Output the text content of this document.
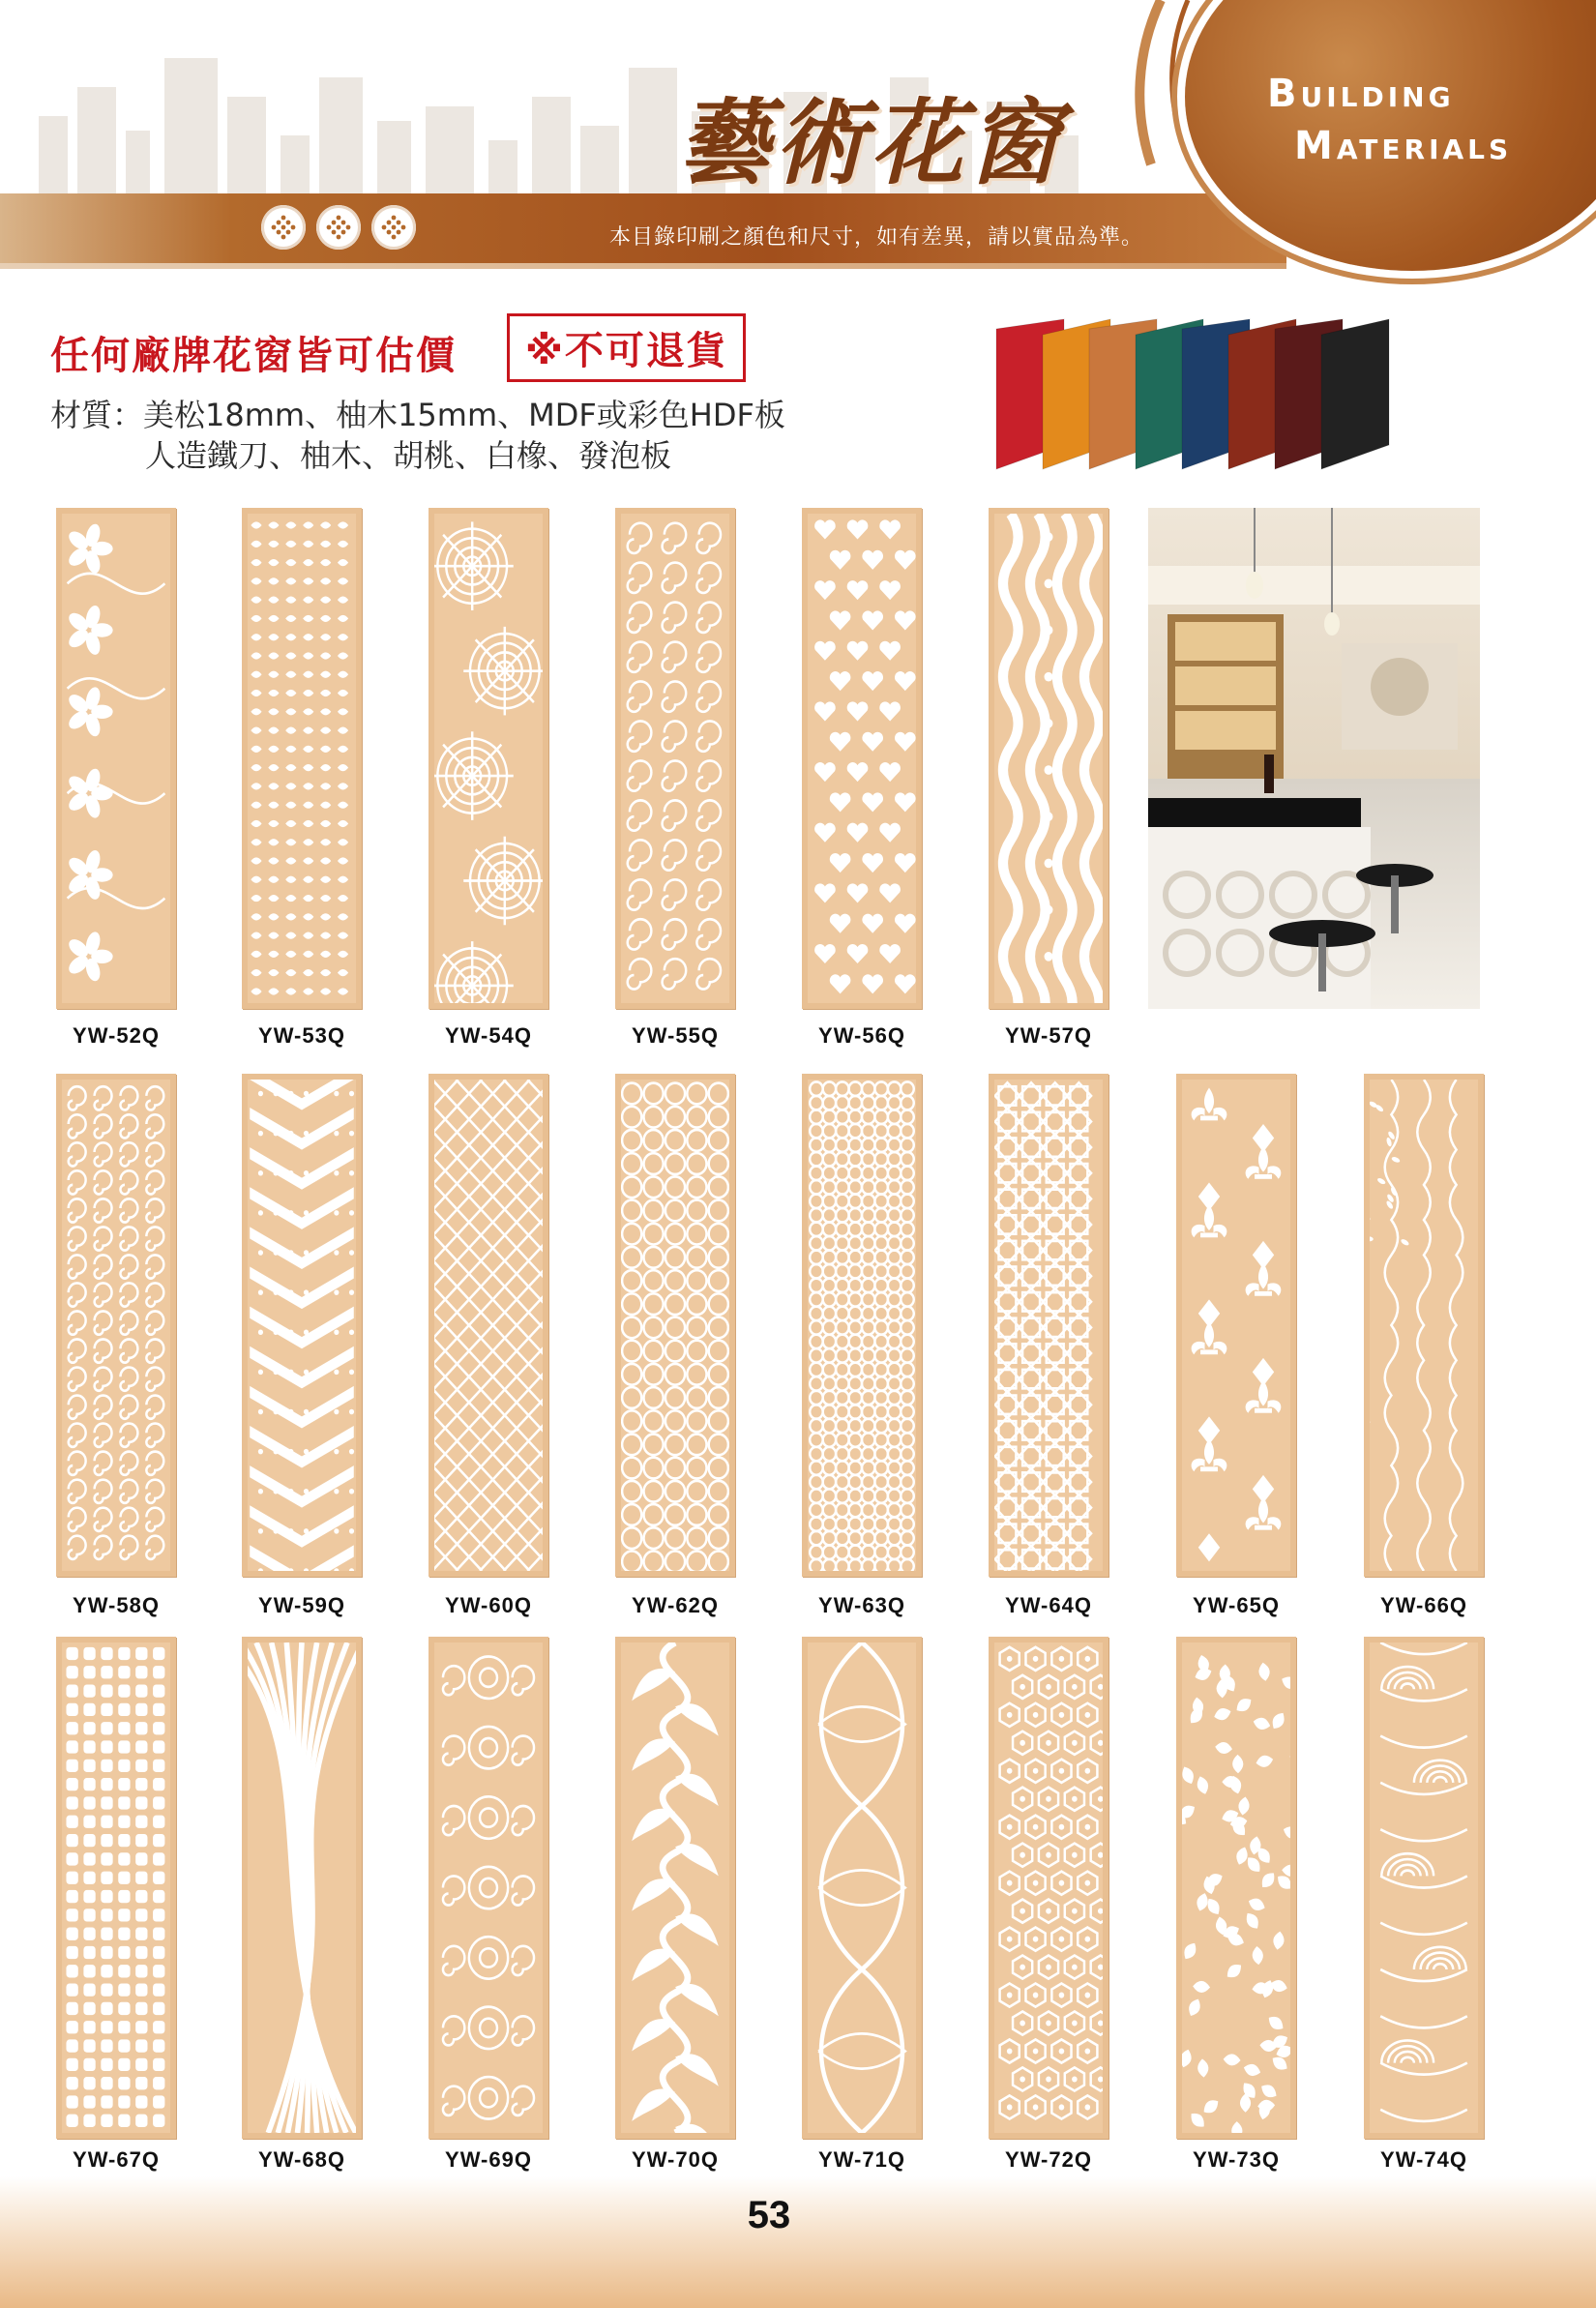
本目錄印刷之顏色和尺寸，如有差異，請以實品為準。
藝術花窗	BUILDING
MATERIALS
任何廠牌花窗皆可估價	※不可退貨
材質：美松18mm、柚木15mm、MDF或彩色HDF板
人造鐵刀、柚木、胡桃、白橡、發泡板
YW-52Q	YW-53Q	YW-54Q	YW-55Q	YW-56Q	YW-57Q
YW-58Q	YW-59Q	YW-60Q	YW-62Q	YW-63Q	YW-64Q	YW-65Q	YW-66Q
YW-67Q	YW-68Q	YW-69Q	YW-70Q	YW-71Q	YW-72Q	YW-73Q	YW-74Q
53
